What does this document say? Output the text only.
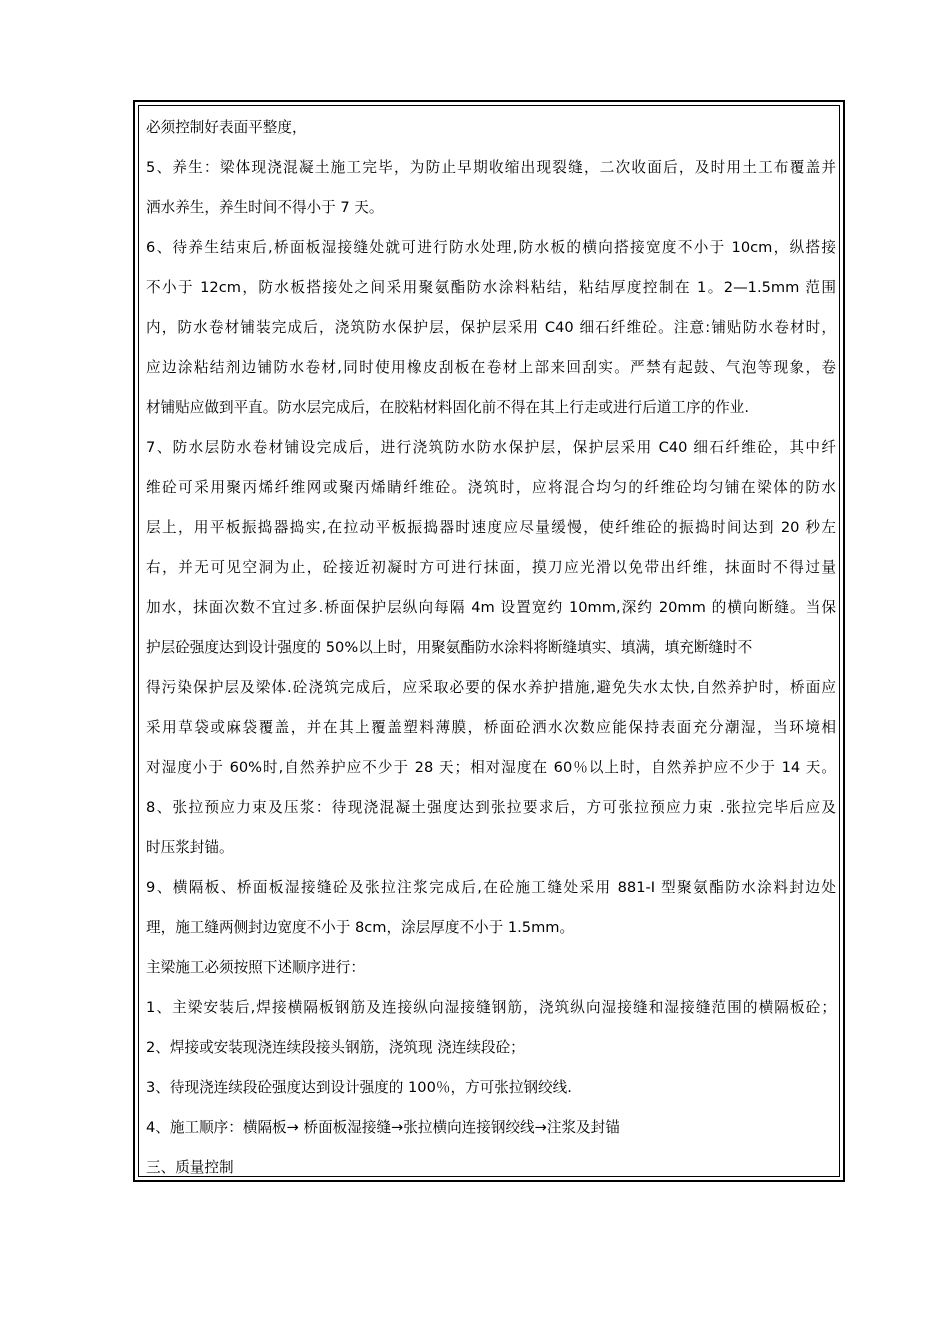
必须控制好表面平整度，
5、养生：梁体现浇混凝土施工完毕，为防止早期收缩出现裂缝，二次收面后，及时用土工布覆盖并
洒水养生，养生时间不得小于 7 天。
6、待养生结束后,桥面板湿接缝处就可进行防水处理,防水板的横向搭接宽度不小于 10cm，纵搭接
不小于 12cm，防水板搭接处之间采用聚氨酯防水涂料粘结，粘结厚度控制在 1。2—1.5mm 范围
内，防水卷材铺装完成后，浇筑防水保护层，保护层采用 C40 细石纤维砼。注意:铺贴防水卷材时，
应边涂粘结剂边铺防水卷材,同时使用橡皮刮板在卷材上部来回刮实。严禁有起鼓、气泡等现象，卷
材铺贴应做到平直。防水层完成后，在胶粘材料固化前不得在其上行走或进行后道工序的作业.
7、防水层防水卷材铺设完成后，进行浇筑防水防水保护层，保护层采用 C40 细石纤维砼，其中纤
维砼可采用聚丙烯纤维网或聚丙烯睛纤维砼。浇筑时，应将混合均匀的纤维砼均匀铺在梁体的防水
层上，用平板振捣器捣实,在拉动平板振捣器时速度应尽量缓慢，使纤维砼的振捣时间达到 20 秒左
右，并无可见空洞为止，砼接近初凝时方可进行抹面，摸刀应光滑以免带出纤维，抹面时不得过量
加水，抹面次数不宜过多.桥面保护层纵向每隔 4m 设置宽约 10mm,深约 20mm 的横向断缝。当保
护层砼强度达到设计强度的 50%以上时，用聚氨酯防水涂料将断缝填实、填满，填充断缝时不
得污染保护层及梁体.砼浇筑完成后，应采取必要的保水养护措施,避免失水太快,自然养护时，桥面应
采用草袋或麻袋覆盖，并在其上覆盖塑料薄膜，桥面砼洒水次数应能保持表面充分潮湿，当环境相
对湿度小于 60%时,自然养护应不少于 28 天；相对湿度在 60％以上时，自然养护应不少于 14 天。
8、张拉预应力束及压浆：待现浇混凝土强度达到张拉要求后，方可张拉预应力束 .张拉完毕后应及
时压浆封锚。
9、横隔板、桥面板湿接缝砼及张拉注浆完成后,在砼施工缝处采用 881-I 型聚氨酯防水涂料封边处
理，施工缝两侧封边宽度不小于 8cm，涂层厚度不小于 1.5mm。
主梁施工必须按照下述顺序进行：
1、主梁安装后,焊接横隔板钢筋及连接纵向湿接缝钢筋，浇筑纵向湿接缝和湿接缝范围的横隔板砼；
2、焊接或安装现浇连续段接头钢筋，浇筑现 浇连续段砼；
3、待现浇连续段砼强度达到设计强度的 100％，方可张拉钢绞线.
4、施工顺序：横隔板→ 桥面板湿接缝→张拉横向连接钢绞线→注浆及封锚
三、质量控制
